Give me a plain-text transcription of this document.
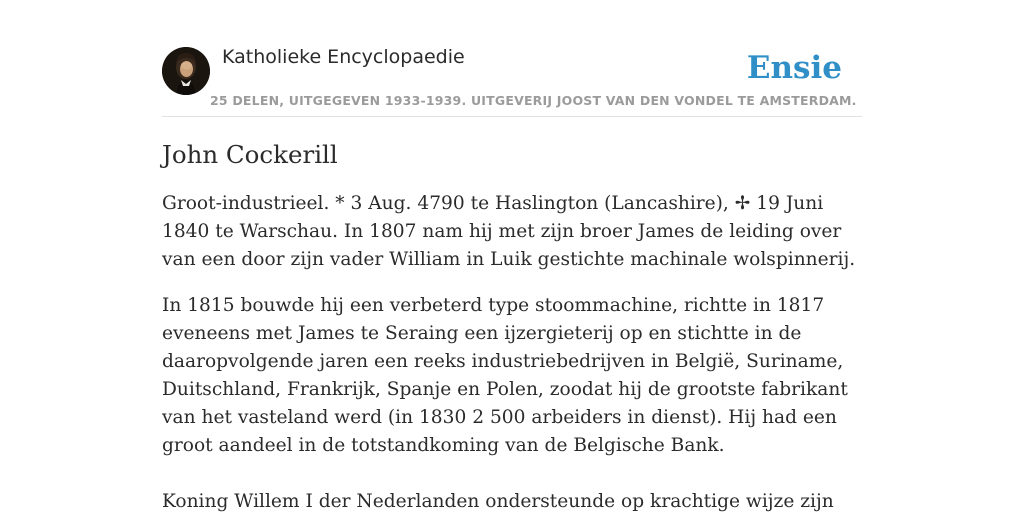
Katholieke Encyclopaedie	Ensie
25 DELEN, UITGEGEVEN 1933-1939. UITGEVERIJ JOOST VAN DEN VONDEL TE AMSTERDAM.
John Cockerill

Groot-industrieel. * 3 Aug. 4790 te Haslington (Lancashire), ✢ 19 Juni 1840 te Warschau. In 1807 nam hij met zijn broer James de leiding over van een door zijn vader William in Luik gestichte machinale wolspinnerij.

In 1815 bouwde hij een verbeterd type stoommachine, richtte in 1817 eveneens met James te Seraing een ijzergieterij op en stichtte in de daaropvolgende jaren een reeks industriebedrijven in België, Suriname, Duitschland, Frankrijk, Spanje en Polen, zoodat hij de grootste fabrikant van het vasteland werd (in 1830 2 500 arbeiders in dienst). Hij had een groot aandeel in de totstandkoming van de Belgische Bank.

Koning Willem I der Nederlanden ondersteunde op krachtige wijze zijn
